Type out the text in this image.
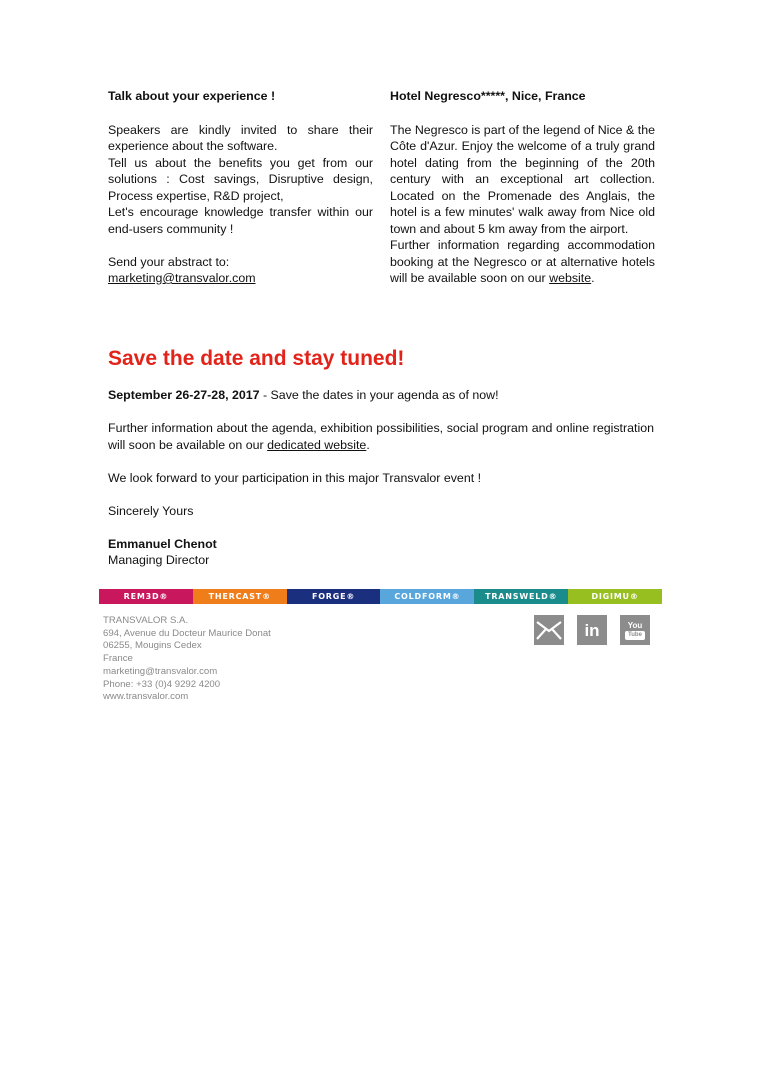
Talk about your experience !

Speakers are kindly invited to share their experience about the software.

Tell us about the benefits you get from our solutions : Cost savings, Disruptive design, Process expertise, R&D project,

Let's encourage knowledge transfer within our end-users community !

Send your abstract to:

marketing@transvalor.com

Hotel Negresco*****, Nice, France

The Negresco is part of the legend of Nice & the Côte d'Azur. Enjoy the welcome of a truly grand hotel dating from the beginning of the 20th century with an exceptional art collection. Located on the Promenade des Anglais, the hotel is a few minutes' walk away from Nice old town and about 5 km away from the airport.

Further information regarding accommodation booking at the Negresco or at alternative hotels will be available soon on our website.

Save the date and stay tuned!

September 26-27-28, 2017 - Save the dates in your agenda as of now!

Further information about the agenda, exhibition possibilities, social program and online registration will soon be available on our dedicated website.

We look forward to your participation in this major Transvalor event !

Sincerely Yours

Emmanuel Chenot

Managing Director

REM3D®	THERCAST®	FORGE®	COLDFORM®	TRANSWELD®	DIGIMU®
TRANSVALOR S.A.
694, Avenue du Docteur Maurice Donat
06255, Mougins Cedex
France
marketing@transvalor.com
Phone: +33 (0)4 9292 4200
www.transvalor.com
in	You
Tube
